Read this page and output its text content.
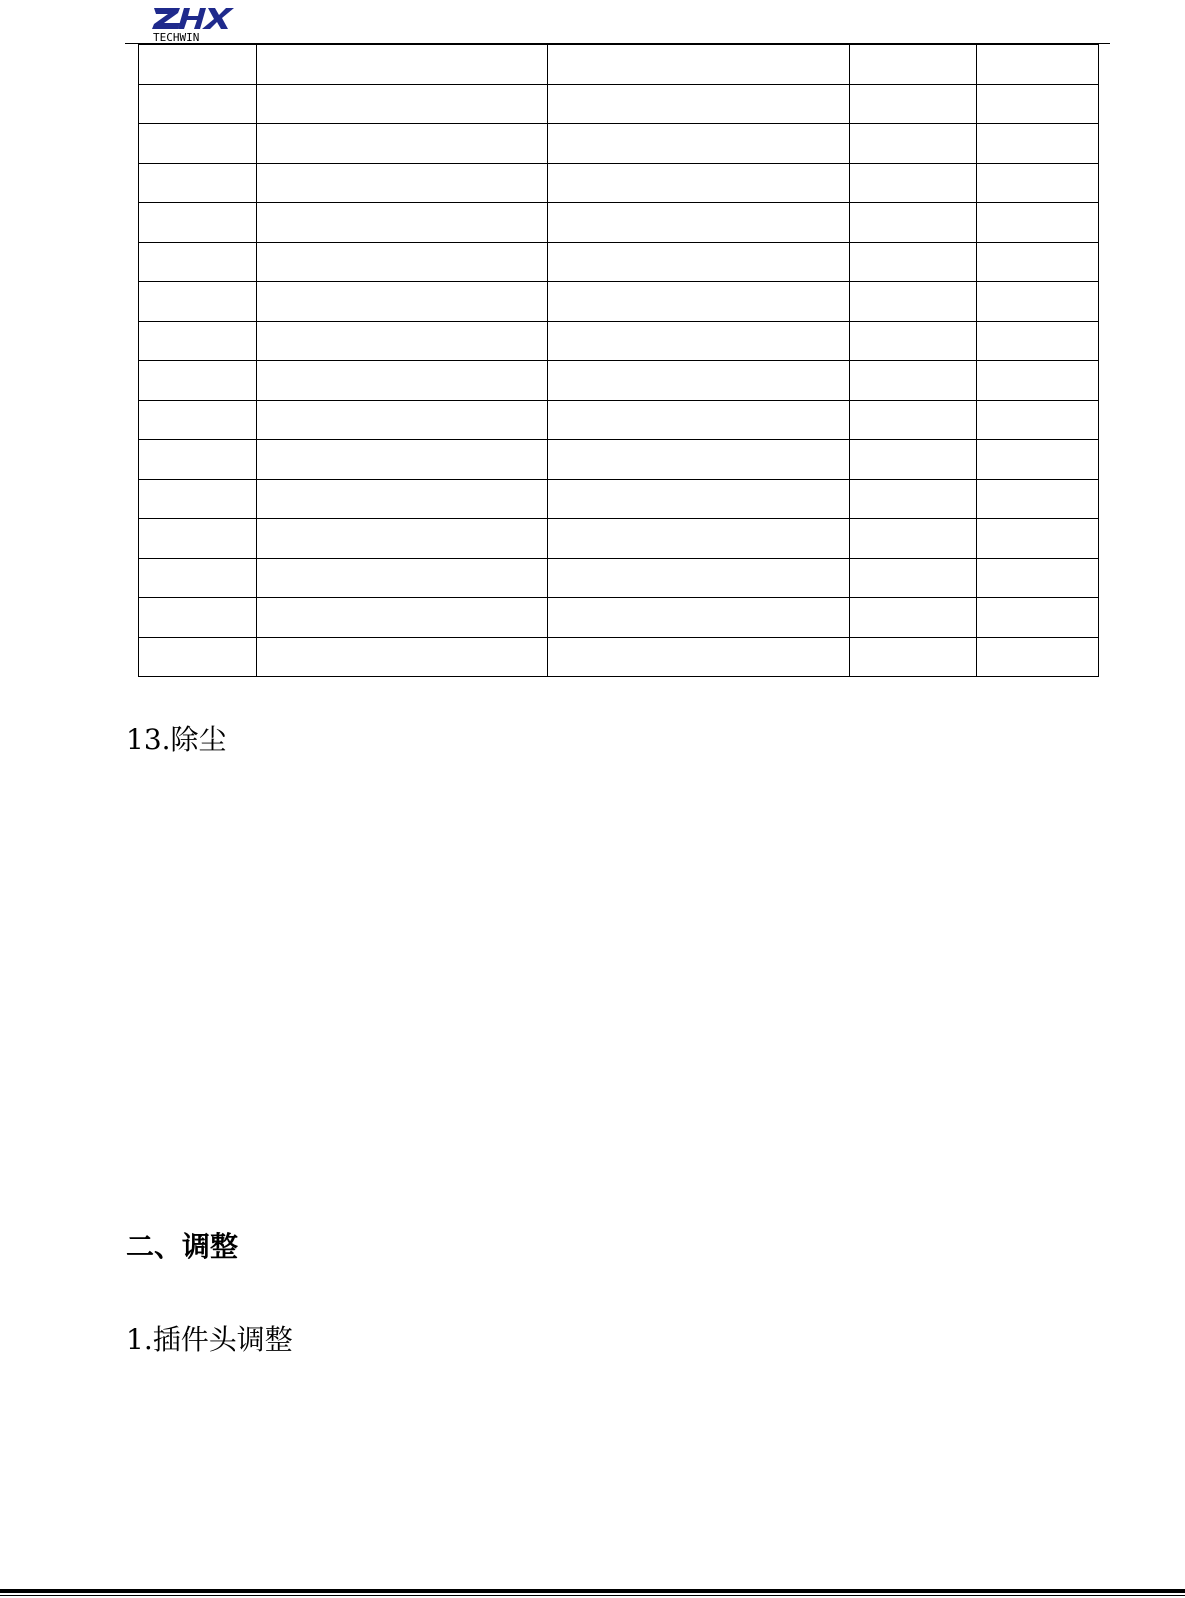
TECHWIN

13.除尘
二、调整
1.插件头调整
